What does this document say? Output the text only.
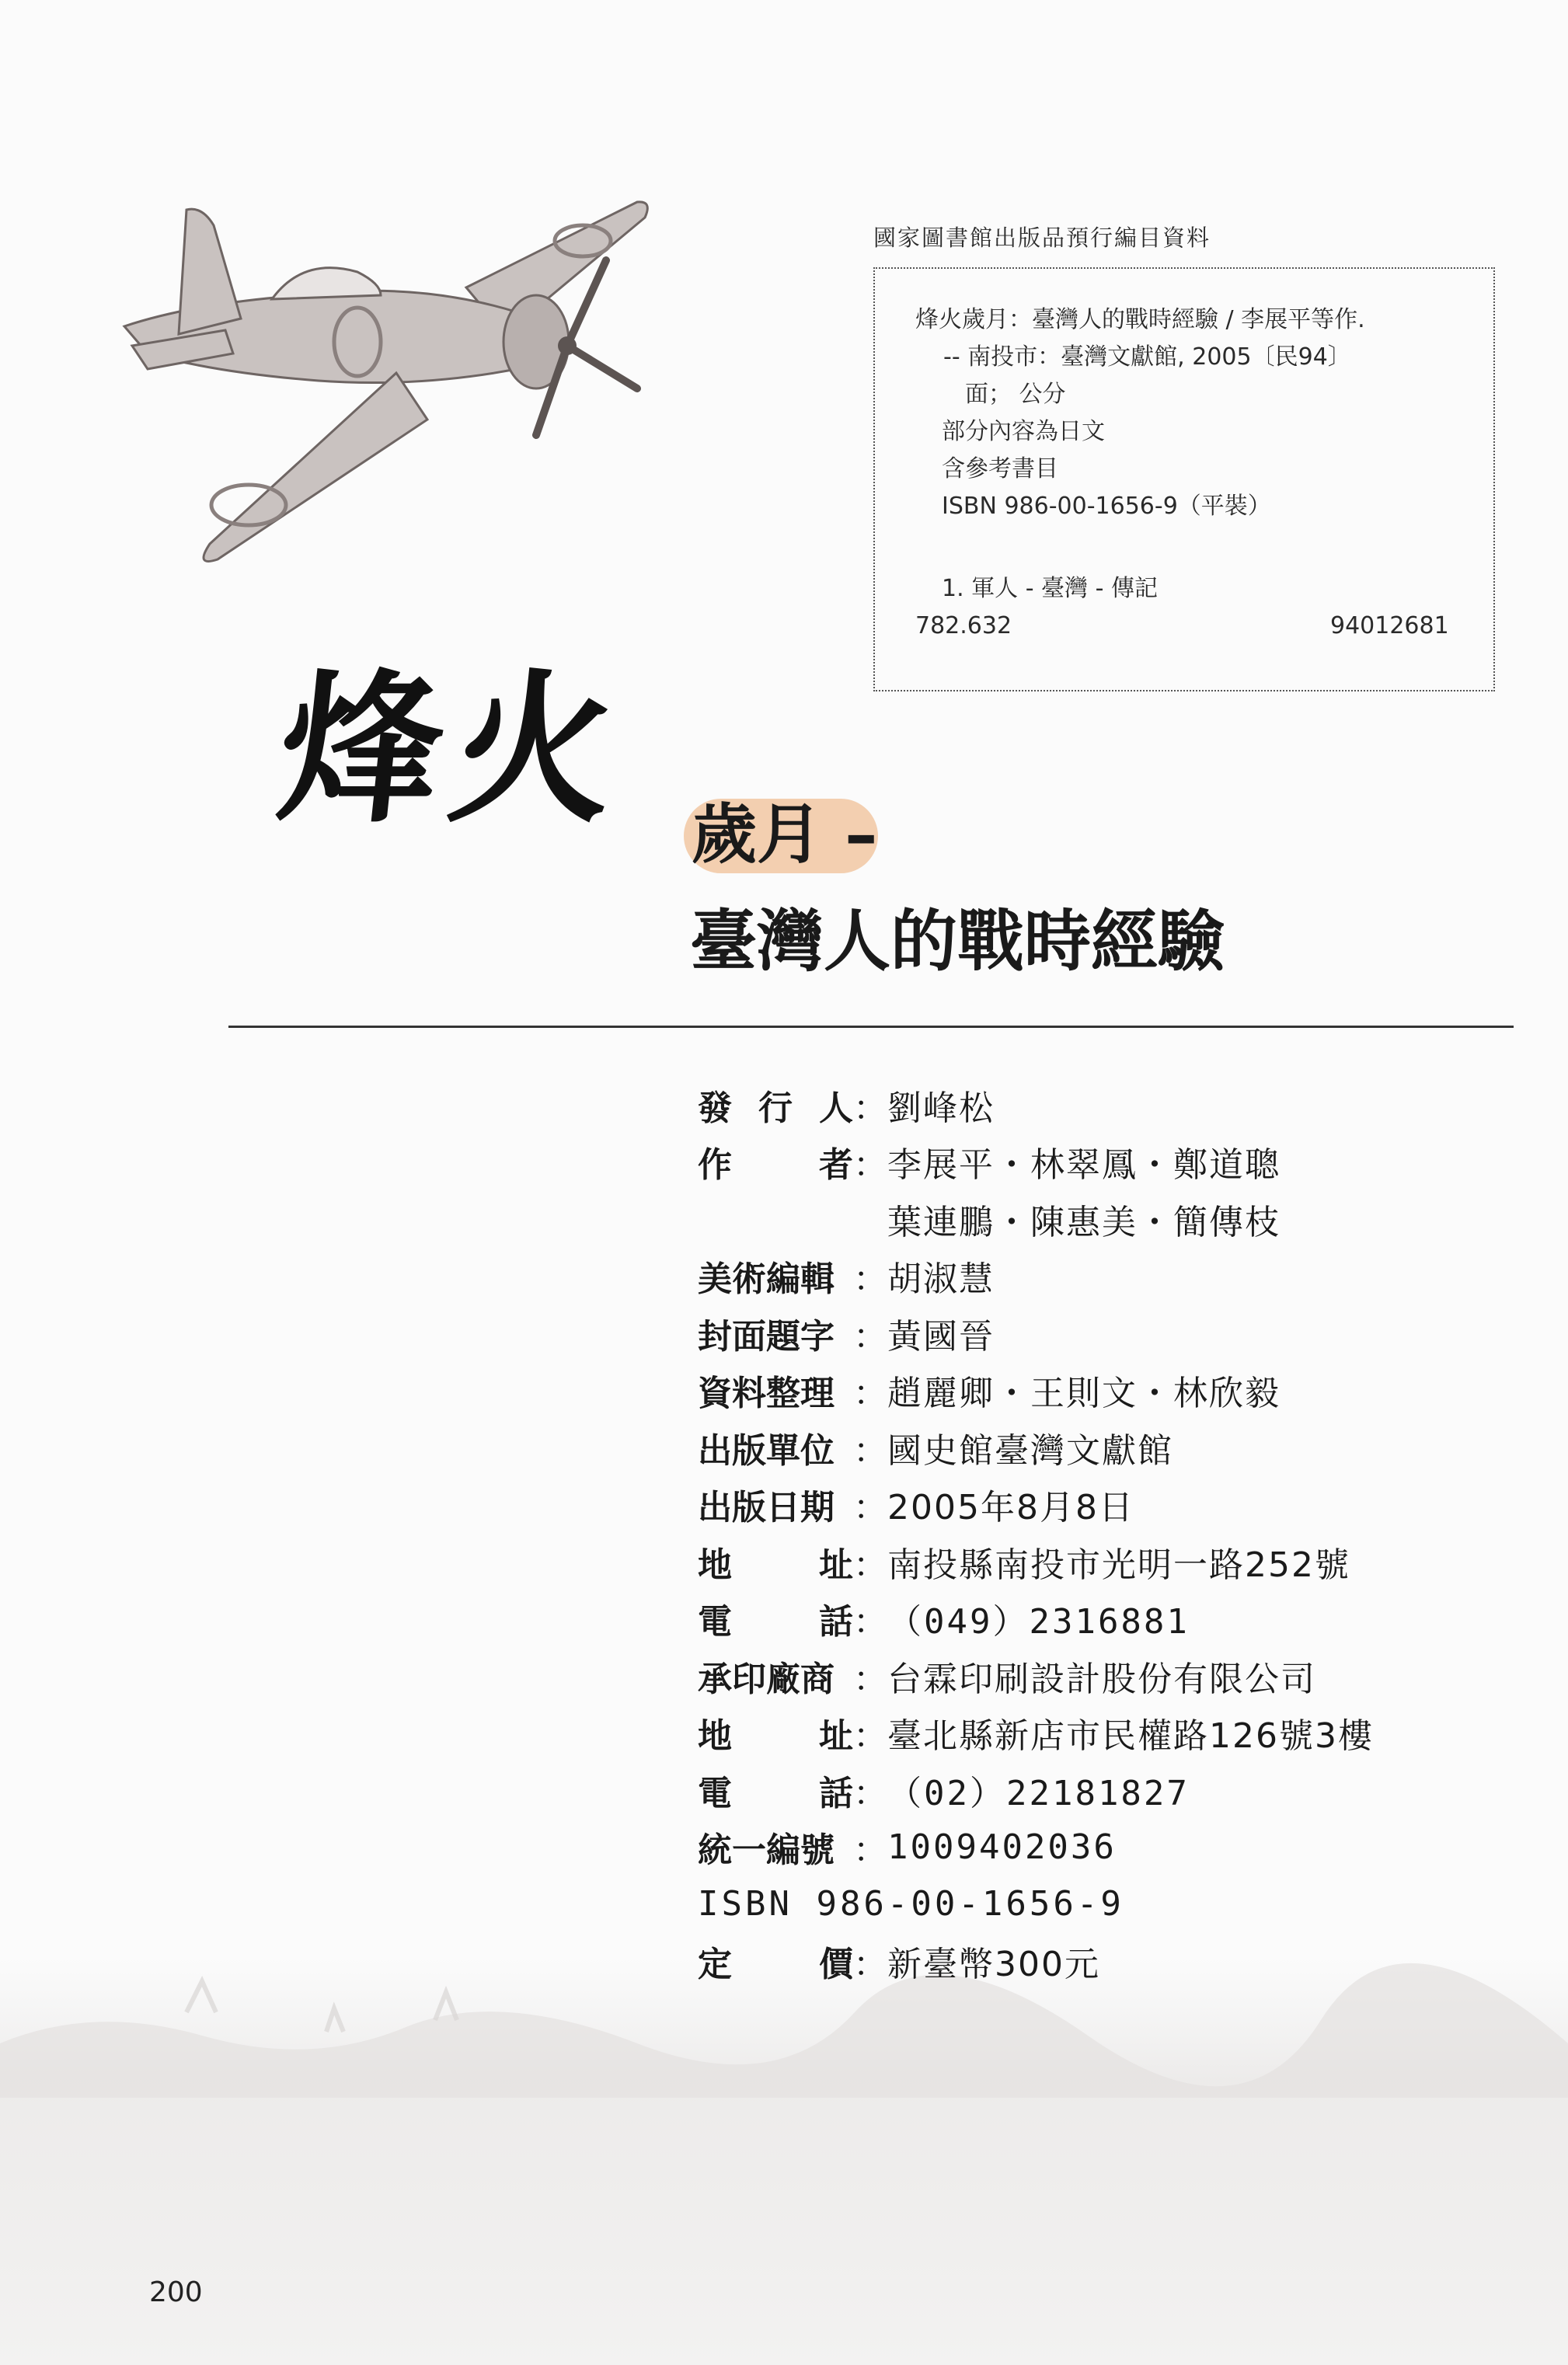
國家圖書館出版品預行編目資料
烽火歲月：臺灣人的戰時經驗 / 李展平等作.
-- 南投市：臺灣文獻館, 2005〔民94〕
面； 公分
部分內容為日文
含參考書目
ISBN 986-00-1656-9（平裝）
1. 軍人 - 臺灣 - 傳記
782.632	94012681
烽火 歲月 –
臺灣人的戰時經驗
發 行 人 ： 劉峰松
作	者 ： 李展平・林翠鳳・鄭道聰
葉連鵬・陳惠美・簡傳枝
美術編輯 ： 胡淑慧
封面題字 ： 黃國晉
資料整理 ： 趙麗卿・王則文・林欣毅
出版單位 ： 國史館臺灣文獻館
出版日期 ： 2005年8月8日
地	址 ： 南投縣南投市光明一路252號
電	話 ： （049）2316881
承印廠商 ： 台霖印刷設計股份有限公司
地	址 ： 臺北縣新店市民權路126號3樓
電	話 ： （02）22181827
統一編號 ： 1009402036
ISBN 986-00-1656-9
定	價 ： 新臺幣300元
200
